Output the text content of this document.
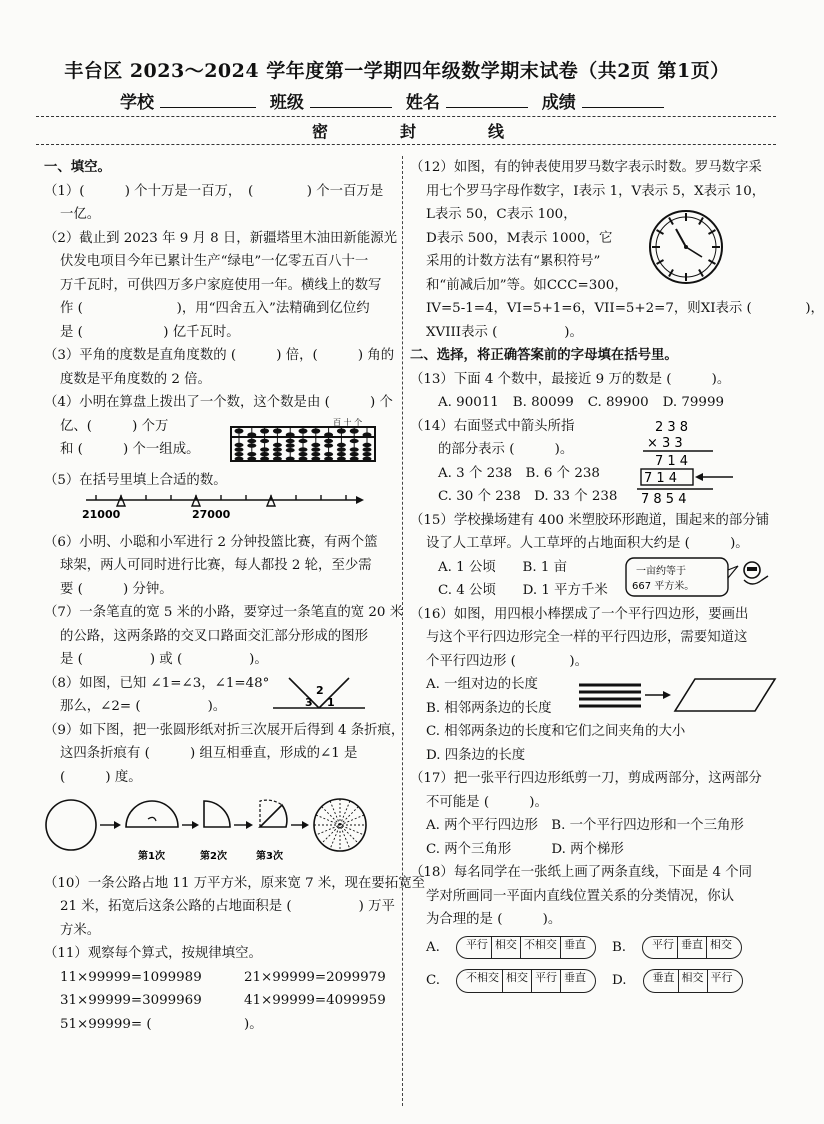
丰台区 2023～2024 学年度第一学期四年级数学期末试卷（共2页 第1页）
学校	班级	姓名	成绩
密	封	线

一、填空。

（1）(　　　) 个十万是一百万，　(　　　　) 个一百万是

一亿。

（2）截止到 2023 年 9 月 8 日，新疆塔里木油田新能源光

伏发电项目今年已累计生产“绿电”一亿零五百八十一

万千瓦时，可供四万多户家庭使用一年。横线上的数写

作 (　　　　　　　)，用“四舍五入”法精确到亿位约

是 (　　　　　　) 亿千瓦时。

（3）平角的度数是直角度数的 (　　　) 倍，(　　　) 角的

度数是平角度数的 2 倍。

（4）小明在算盘上拨出了一个数，这个数是由 (　　　) 个

亿、(　　　) 个万

和 (　　　) 个一组成。

百 十 个

（5）在括号里填上合适的数。

21000	27000

（6）小明、小聪和小军进行 2 分钟投篮比赛，有两个篮

球架，两人可同时进行比赛，每人都投 2 轮，至少需

要 (　　　) 分钟。

（7）一条笔直的宽 5 米的小路，要穿过一条笔直的宽 20 米

的公路，这两条路的交叉口路面交汇部分形成的图形

是 (　　　　　) 或 (　　　　　)。

（8）如图，已知 ∠1=∠3，∠1=48°

那么，∠2= (　　　　　)。	3
2
1

（9）如下图，把一张圆形纸对折三次展开后得到 4 条折痕，

这四条折痕有 (　　　) 组互相垂直，形成的∠1 是

(　　　) 度。

第1次	第2次	第3次

（10）一条公路占地 11 万平方米，原来宽 7 米，现在要拓宽至

21 米，拓宽后这条公路的占地面积是 (　　　　　) 万平

方米。

（11）观察每个算式，按规律填空。

11×99999=1099989	21×99999=2099979
31×99999=3099969	41×99999=4099959
51×99999= (	)。

（12）如图，有的钟表使用罗马数字表示时数。罗马数字采

用七个罗马字母作数字，I表示 1，V表示 5，X表示 10，

L表示 50，C表示 100，

D表示 500，M表示 1000，它

采用的计数方法有“累积符号”

和“前减后加”等。如CCC=300，

IV=5-1=4，VI=5+1=6，VII=5+2=7，则XI表示 (　　　　)，

XVIII表示 (　　　　　)。

二、选择，将正确答案前的字母填在括号里。

（13）下面 4 个数中，最接近 9 万的数是 (　　　)。

A. 90011 B. 80099 C. 89900 D. 79999

（14）右面竖式中箭头所指

的部分表示 (　　　)。

A. 3 个 238　B. 6 个 238

C. 30 个 238　D. 33 个 238

2 3 8
× 3 3
7 1 4
7 1 4
7 8 5 4

（15）学校操场建有 400 米塑胶环形跑道，围起来的部分铺

设了人工草坪。人工草坪的占地面积大约是 (　　　)。

A. 1 公顷　　B. 1 亩

C. 4 公顷　　D. 1 平方千米

一亩约等于
667 平方米。

（16）如图，用四根小棒摆成了一个平行四边形，要画出

与这个平行四边形完全一样的平行四边形，需要知道这

个平行四边形 (　　　　)。

A. 一组对边的长度

B. 相邻两条边的长度

C. 相邻两条边的长度和它们之间夹角的大小

D. 四条边的长度

（17）把一张平行四边形纸剪一刀，剪成两部分，这两部分

不可能是 (　　　)。

A. 两个平行四边形　B. 一个平行四边形和一个三角形

C. 两个三角形　　　D. 两个梯形

（18）每名同学在一张纸上画了两条直线，下面是 4 个同

学对所画同一平面内直线位置关系的分类情况，你认

为合理的是 (　　　)。

A. 平行 相交 不相交 垂直 B. 平行 垂直 相交
C. 不相交 相交 平行 垂直 D. 垂直 相交 平行
